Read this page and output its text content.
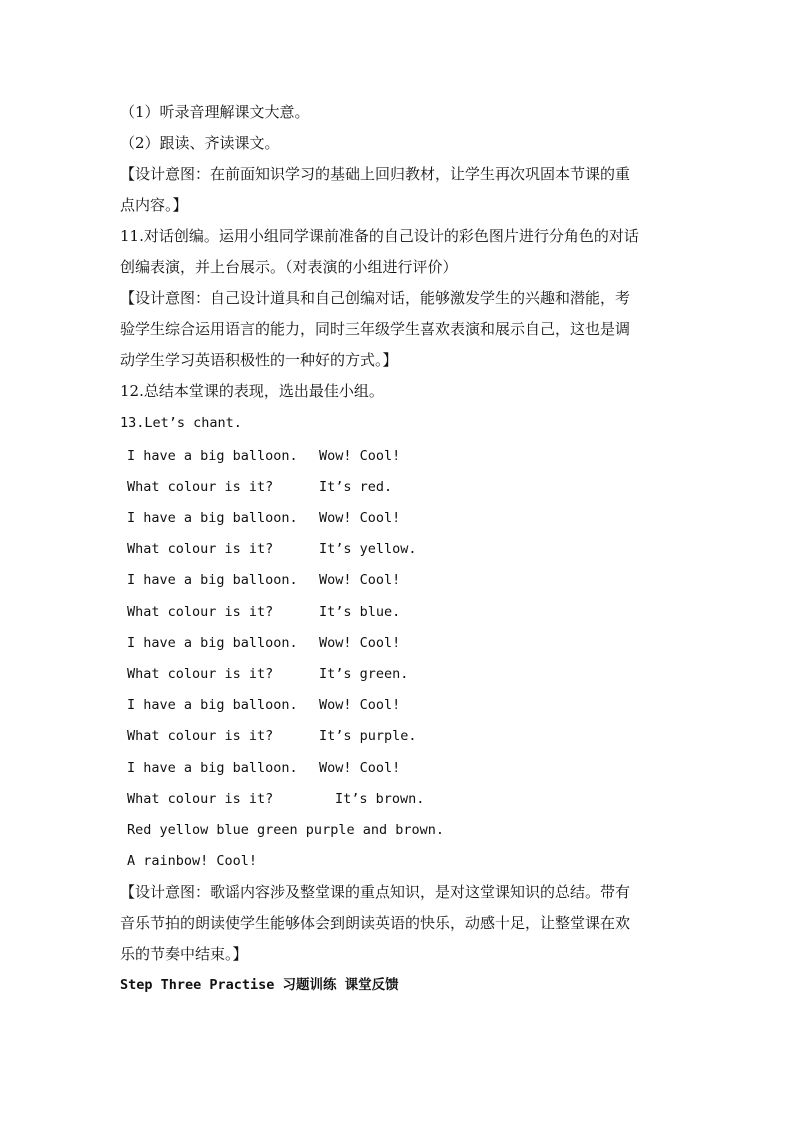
（1）听录音理解课文大意。
（2）跟读、齐读课文。
【设计意图：在前面知识学习的基础上回归教材，让学生再次巩固本节课的重
点内容。】
11.对话创编。运用小组同学课前准备的自己设计的彩色图片进行分角色的对话
创编表演，并上台展示。（对表演的小组进行评价）
【设计意图：自己设计道具和自己创编对话，能够激发学生的兴趣和潜能，考
验学生综合运用语言的能力，同时三年级学生喜欢表演和展示自己，这也是调
动学生学习英语积极性的一种好的方式。】
12.总结本堂课的表现，选出最佳小组。
13.Let’s chant.
I have a big balloon. Wow! Cool!
What colour is it?	It’s red.
I have a big balloon. Wow! Cool!
What colour is it?	It’s yellow.
I have a big balloon. Wow! Cool!
What colour is it?	It’s blue.
I have a big balloon. Wow! Cool!
What colour is it?	It’s green.
I have a big balloon. Wow! Cool!
What colour is it?	It’s purple.
I have a big balloon. Wow! Cool!
What colour is it?	It’s brown.
Red yellow blue green purple and brown.
A rainbow! Cool!
【设计意图：歌谣内容涉及整堂课的重点知识，是对这堂课知识的总结。带有
音乐节拍的朗读使学生能够体会到朗读英语的快乐，动感十足，让整堂课在欢
乐的节奏中结束。】
Step Three Practise 习题训练 课堂反馈
